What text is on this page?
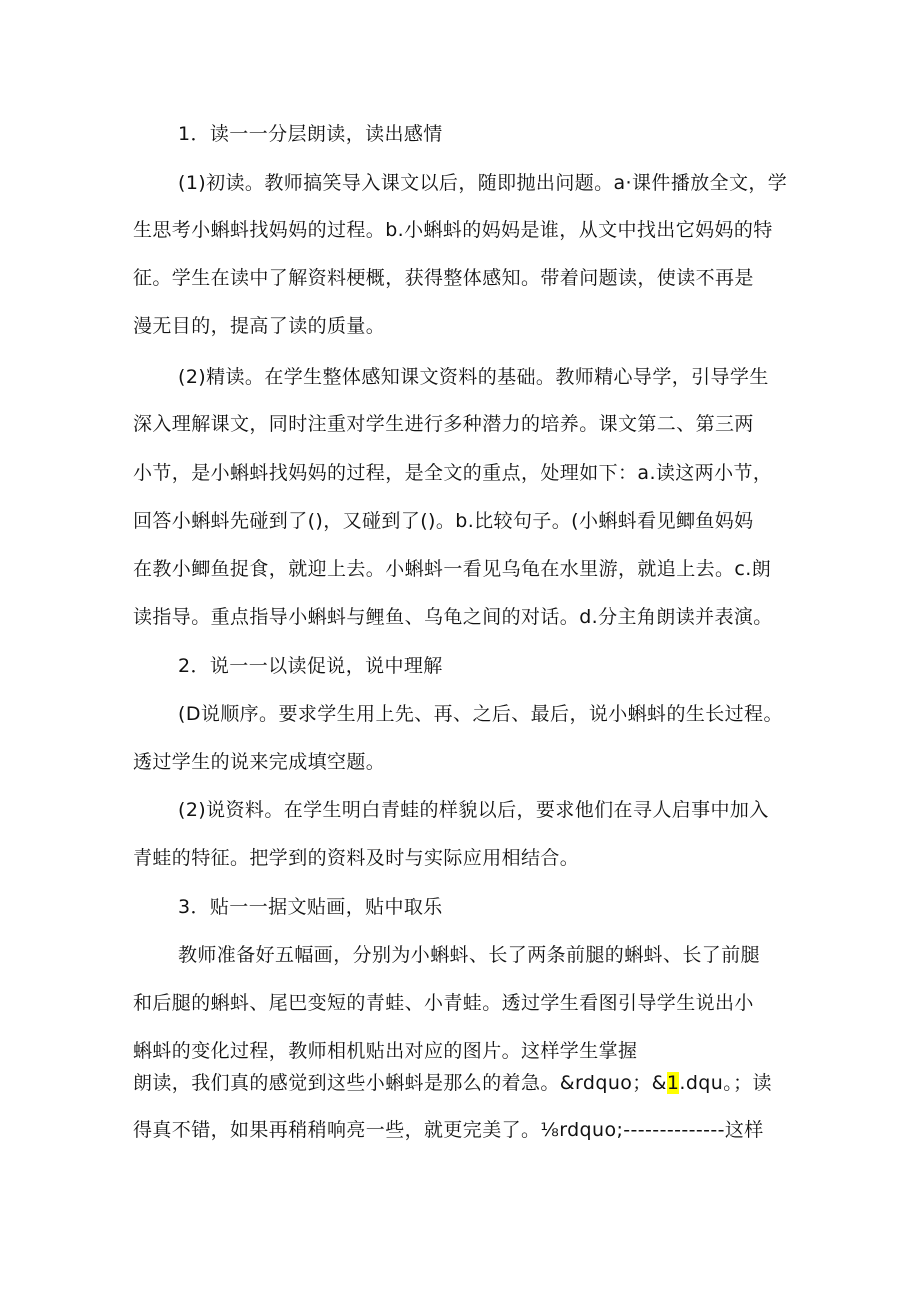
1．读一一分层朗读，读出感情
(1)初读。教师搞笑导入课文以后，随即抛出问题。a·课件播放全文，学
生思考小蝌蚪找妈妈的过程。b.小蝌蚪的妈妈是谁，从文中找出它妈妈的特
征。学生在读中了解资料梗概，获得整体感知。带着问题读，使读不再是
漫无目的，提高了读的质量。
(2)精读。在学生整体感知课文资料的基础。教师精心导学，引导学生
深入理解课文，同时注重对学生进行多种潜力的培养。课文第二、第三两
小节，是小蝌蚪找妈妈的过程，是全文的重点，处理如下：a.读这两小节，
回答小蝌蚪先碰到了()，又碰到了()。b.比较句子。(小蝌蚪看见鲫鱼妈妈
在教小鲫鱼捉食，就迎上去。小蝌蚪一看见乌龟在水里游，就追上去。c.朗
读指导。重点指导小蝌蚪与鲤鱼、乌龟之间的对话。d.分主角朗读并表演。
2．说一一以读促说，说中理解
(D说顺序。要求学生用上先、再、之后、最后，说小蝌蚪的生长过程。
透过学生的说来完成填空题。
(2)说资料。在学生明白青蛙的样貌以后，要求他们在寻人启事中加入
青蛙的特征。把学到的资料及时与实际应用相结合。
3．贴一一据文贴画，贴中取乐
教师准备好五幅画，分别为小蝌蚪、长了两条前腿的蝌蚪、长了前腿
和后腿的蝌蚪、尾巴变短的青蛙、小青蛙。透过学生看图引导学生说出小
蝌蚪的变化过程，教师相机贴出对应的图片。这样学生掌握
朗读，我们真的感觉到这些小蝌蚪是那么的着急。&rdquo；&1.dqu。；读
得真不错，如果再稍稍响亮一些，就更完美了。⅛rdquo;--------------这样
